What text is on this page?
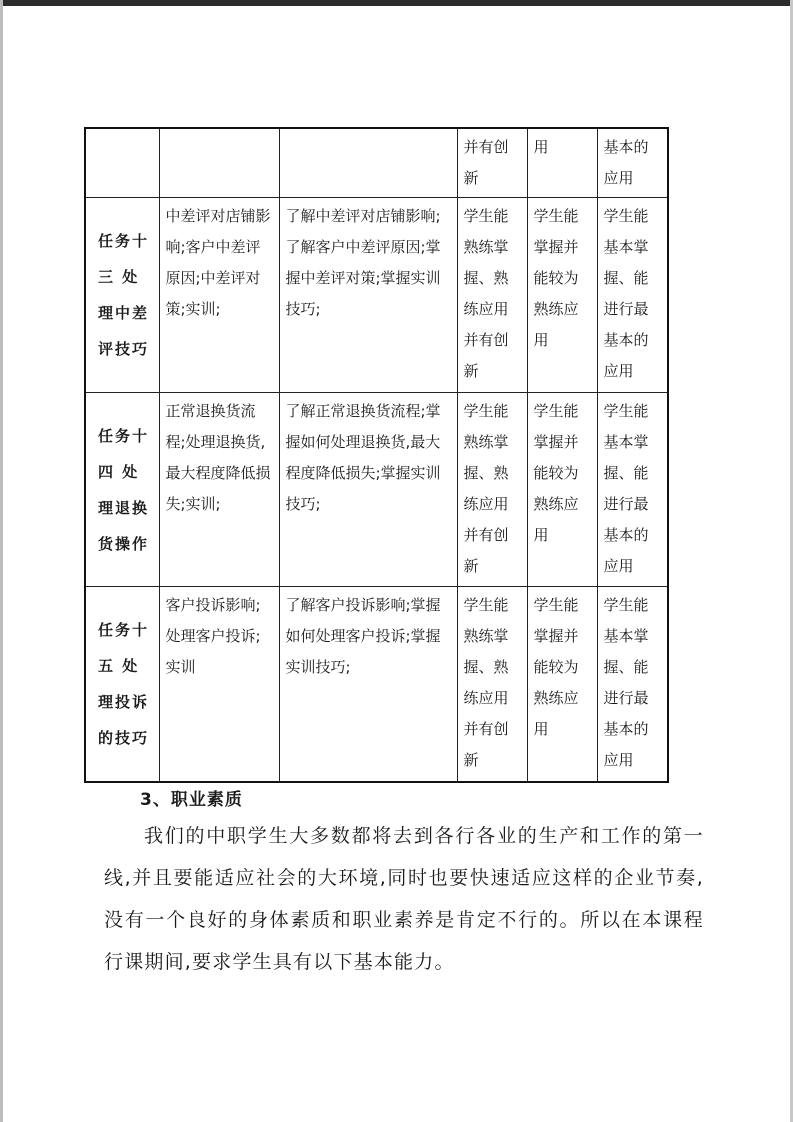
			并有创新	用	基本的应用
任务十三 处理中差评技巧	中差评对店铺影响;客户中差评原因;中差评对策;实训;	了解中差评对店铺影响;了解客户中差评原因;掌握中差评对策;掌握实训技巧;	学生能熟练掌握、熟练应用并有创新	学生能掌握并能较为熟练应用	学生能基本掌握、能进行最基本的应用
任务十四 处理退换货操作	正常退换货流程;处理退换货,最大程度降低损失;实训;	了解正常退换货流程;掌握如何处理退换货,最大程度降低损失;掌握实训技巧;	学生能熟练掌握、熟练应用并有创新	学生能掌握并能较为熟练应用	学生能基本掌握、能进行最基本的应用
任务十五 处理投诉的技巧	客户投诉影响;处理客户投诉;实训	了解客户投诉影响;掌握如何处理客户投诉;掌握实训技巧;	学生能熟练掌握、熟练应用并有创新	学生能掌握并能较为熟练应用	学生能基本掌握、能进行最基本的应用
3、职业素质

我们的中职学生大多数都将去到各行各业的生产和工作的第一线,并且要能适应社会的大环境,同时也要快速适应这样的企业节奏,没有一个良好的身体素质和职业素养是肯定不行的。所以在本课程行课期间,要求学生具有以下基本能力。
